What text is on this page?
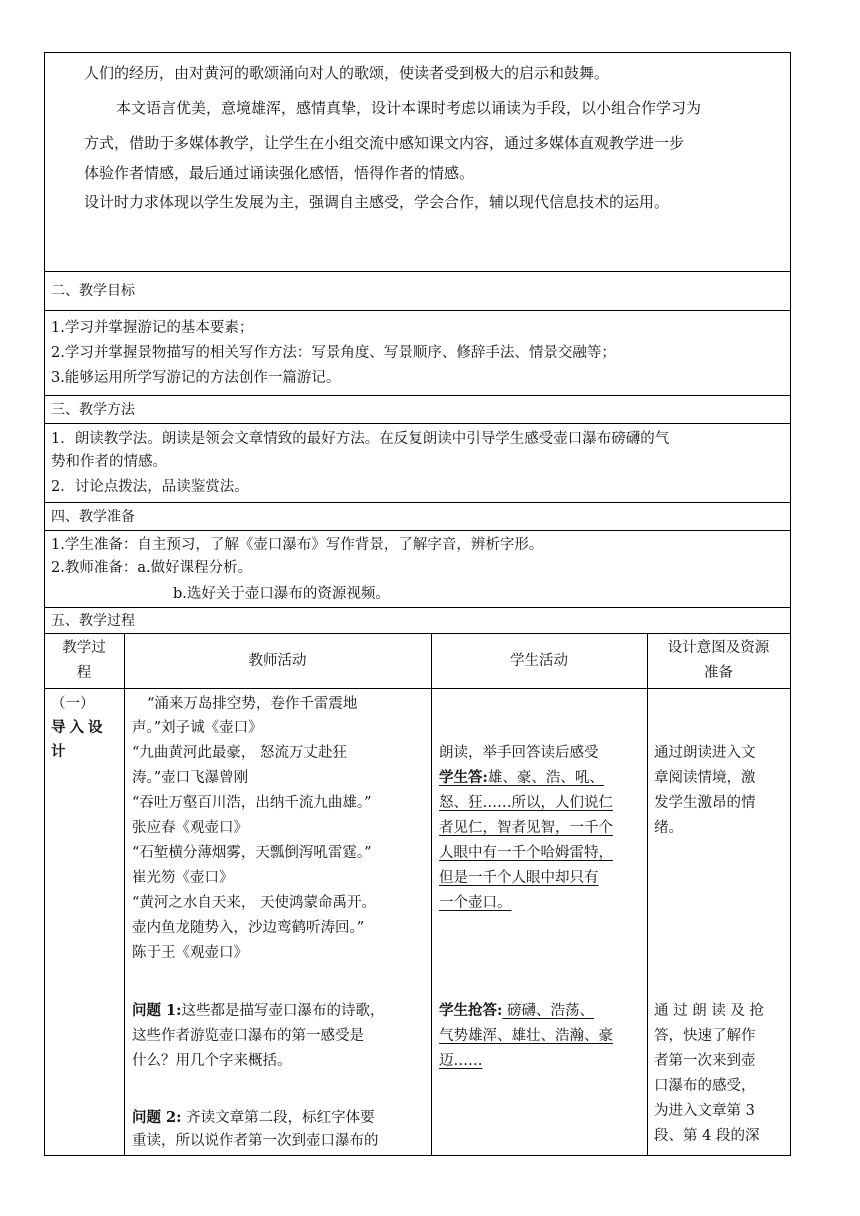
人们的经历，由对黄河的歌颂涌向对人的歌颂，使读者受到极大的启示和鼓舞。
本文语言优美，意境雄浑，感情真挚，设计本课时考虑以诵读为手段，以小组合作学习为
方式，借助于多媒体教学，让学生在小组交流中感知课文内容，通过多媒体直观教学进一步
体验作者情感，最后通过诵读强化感悟，悟得作者的情感。
设计时力求体现以学生发展为主，强调自主感受，学会合作，辅以现代信息技术的运用。
二、教学目标
1.学习并掌握游记的基本要素；
2.学习并掌握景物描写的相关写作方法：写景角度、写景顺序、修辞手法、情景交融等；
3.能够运用所学写游记的方法创作一篇游记。
三、教学方法
1．朗读教学法。朗读是领会文章情致的最好方法。在反复朗读中引导学生感受壶口瀑布磅礴的气
势和作者的情感。
2．讨论点拨法，品读鉴赏法。
四、教学准备
1.学生准备：自主预习，了解《壶口瀑布》写作背景，了解字音，辨析字形。
2.教师准备：a.做好课程分析。
b.选好关于壶口瀑布的资源视频。
五、教学过程
教学过
程
教师活动	学生活动
设计意图及资源
准备
（一）
导入设
计
“涌来万岛排空势，卷作千雷震地
声。”刘子诚《壶口》
“九曲黄河此最豪， 怒流万丈赴狂
涛。”壶口飞瀑曾刚
“吞吐万壑百川浩，出纳千流九曲雄。”
张应春《观壶口》
“石堑横分薄烟雾，天瓢倒泻吼雷霆。”
崔光笏《壶口》
“黄河之水自天来， 天使鸿蒙命禹开。
壶内鱼龙随势入，沙边鸾鹤听涛回。”
陈于王《观壶口》
问题 1:这些都是描写壶口瀑布的诗歌，
这些作者游览壶口瀑布的第一感受是
什么？用几个字来概括。
问题 2: 齐读文章第二段，标红字体要
重读，所以说作者第一次到壶口瀑布的
朗读，举手回答读后感受
学生答:雄、豪、浩、吼、
怒、狂……所以，人们说仁
者见仁，智者见智，一千个
人眼中有一千个哈姆雷特，
但是一千个人眼中却只有
一个壶口。
学生抢答: 磅礴、浩荡、
气势雄浑、雄壮、浩瀚、豪
迈……
通过朗读进入文
章阅读情境，激
发学生激昂的情
绪。
通 过 朗 读 及 抢
答，快速了解作
者第一次来到壶
口瀑布的感受，
为进入文章第 3
段、第 4 段的深
